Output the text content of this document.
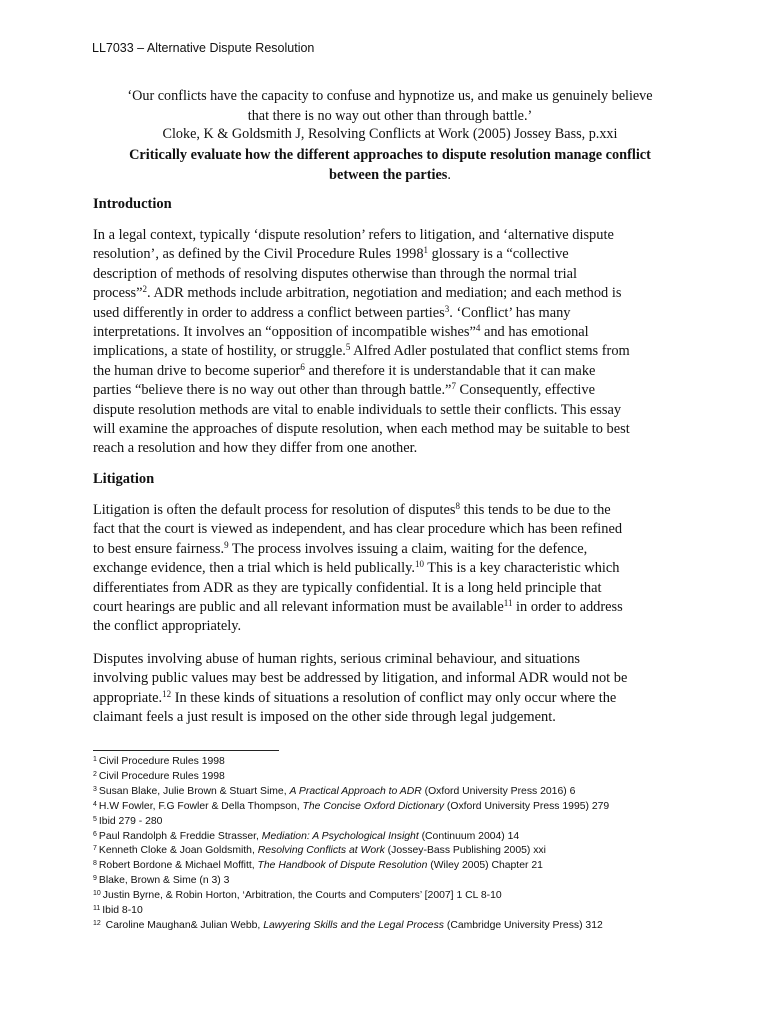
LL7033 – Alternative Dispute Resolution
‘Our conflicts have the capacity to confuse and hypnotize us, and make us genuinely believe
that there is no way out other than through battle.’
Cloke, K & Goldsmith J, Resolving Conflicts at Work (2005) Jossey Bass, p.xxi
Critically evaluate how the different approaches to dispute resolution manage conflict
between the parties.
Introduction
In a legal context, typically ‘dispute resolution’ refers to litigation, and ‘alternative dispute
resolution’, as defined by the Civil Procedure Rules 1998$^1$ glossary is a “collective
description of methods of resolving disputes otherwise than through the normal trial
process”$^2$. ADR methods include arbitration, negotiation and mediation; and each method is
used differently in order to address a conflict between parties$^3$. ‘Conflict’ has many
interpretations. It involves an “opposition of incompatible wishes”$^4$ and has emotional
implications, a state of hostility, or struggle.$^5$ Alfred Adler postulated that conflict stems from
the human drive to become superior$^6$ and therefore it is understandable that it can make
parties “believe there is no way out other than through battle.”$^7$ Consequently, effective
dispute resolution methods are vital to enable individuals to settle their conflicts. This essay
will examine the approaches of dispute resolution, when each method may be suitable to best
reach a resolution and how they differ from one another.
Litigation
Litigation is often the default process for resolution of disputes$^8$ this tends to be due to the
fact that the court is viewed as independent, and has clear procedure which has been refined
to best ensure fairness.$^9$ The process involves issuing a claim, waiting for the defence,
exchange evidence, then a trial which is held publically.$^{10}$ This is a key characteristic which
differentiates from ADR as they are typically confidential. It is a long held principle that
court hearings are public and all relevant information must be available$^{11}$ in order to address
the conflict appropriately.
Disputes involving abuse of human rights, serious criminal behaviour, and situations
involving public values may best be addressed by litigation, and informal ADR would not be
appropriate.$^{12}$ In these kinds of situations a resolution of conflict may only occur where the
claimant feels a just result is imposed on the other side through legal judgement.
$^1$ Civil Procedure Rules 1998
$^2$ Civil Procedure Rules 1998
$^3$ Susan Blake, Julie Brown & Stuart Sime, A Practical Approach to ADR (Oxford University Press 2016) 6
$^4$ H.W Fowler, F.G Fowler & Della Thompson, The Concise Oxford Dictionary (Oxford University Press 1995) 279
$^5$ Ibid 279 - 280
$^6$ Paul Randolph & Freddie Strasser, Mediation: A Psychological Insight (Continuum 2004) 14
$^7$ Kenneth Cloke & Joan Goldsmith, Resolving Conflicts at Work (Jossey-Bass Publishing 2005) xxi
$^8$ Robert Bordone & Michael Moffitt, The Handbook of Dispute Resolution (Wiley 2005) Chapter 21
$^9$ Blake, Brown & Sime (n 3) 3
$^{10}$ Justin Byrne, & Robin Horton, ‘Arbitration, the Courts and Computers’ [2007] 1 CL 8-10
$^{11}$ Ibid 8-10
$^{12}$ Caroline Maughan& Julian Webb, Lawyering Skills and the Legal Process (Cambridge University Press) 312
